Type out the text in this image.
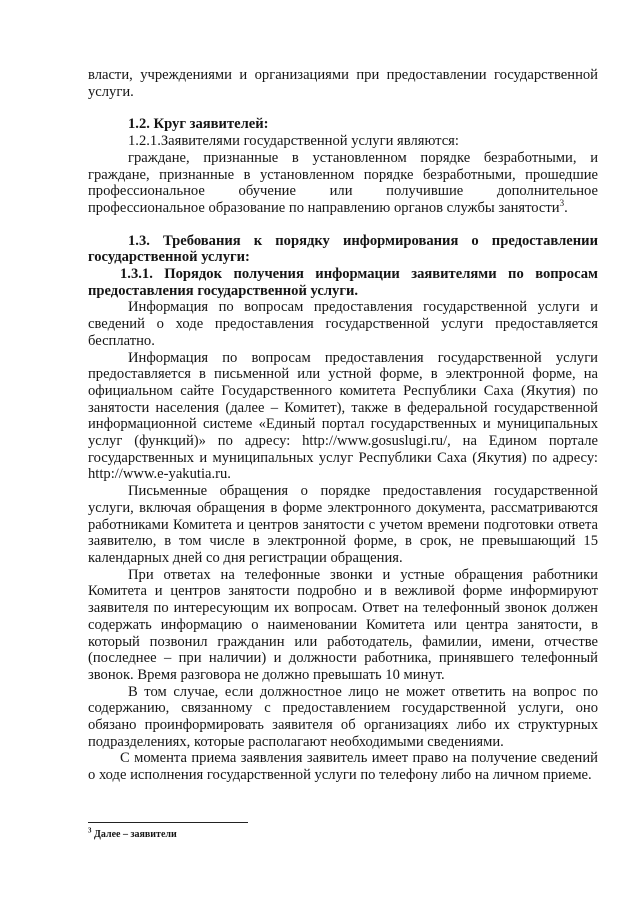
власти, учреждениями и организациями при предоставлении государственной услуги.

1.2. Круг заявителей:

1.2.1.Заявителями государственной услуги являются:

граждане, признанные в установленном порядке безработными, и граждане, признанные в установленном порядке безработными, прошедшие профессиональное обучение или получившие дополнительное профессиональное образование по направлению органов службы занятости$^3$.

1.3. Требования к порядку информирования о предоставлении государственной услуги:

1.3.1. Порядок получения информации заявителями по вопросам предоставления государственной услуги.

Информация по вопросам предоставления государственной услуги и сведений о ходе предоставления государственной услуги предоставляется бесплатно.

Информация по вопросам предоставления государственной услуги предоставляется в письменной или устной форме, в электронной форме, на официальном сайте Государственного комитета Республики Саха (Якутия) по занятости населения (далее – Комитет), также в федеральной государственной информационной системе «Единый портал государственных и муниципальных услуг (функций)» по адресу: http://www.gosuslugi.ru/, на Едином портале государственных и муниципальных услуг Республики Саха (Якутия) по адресу: http://www.e-yakutia.ru.

Письменные обращения о порядке предоставления государственной услуги, включая обращения в форме электронного документа, рассматриваются работниками Комитета и центров занятости с учетом времени подготовки ответа заявителю, в том числе в электронной форме, в срок, не превышающий 15 календарных дней со дня регистрации обращения.

При ответах на телефонные звонки и устные обращения работники Комитета и центров занятости подробно и в вежливой форме информируют заявителя по интересующим их вопросам. Ответ на телефонный звонок должен содержать информацию о наименовании Комитета или центра занятости, в который позвонил гражданин или работодатель, фамилии, имени, отчестве (последнее – при наличии) и должности работника, принявшего телефонный звонок. Время разговора не должно превышать 10 минут.

В том случае, если должностное лицо не может ответить на вопрос по содержанию, связанному с предоставлением государственной услуги, оно обязано проинформировать заявителя об организациях либо их структурных подразделениях, которые располагают необходимыми сведениями.

С момента приема заявления заявитель имеет право на получение сведений о ходе исполнения государственной услуги по телефону либо на личном приеме.

$^3$ Далее – заявители
